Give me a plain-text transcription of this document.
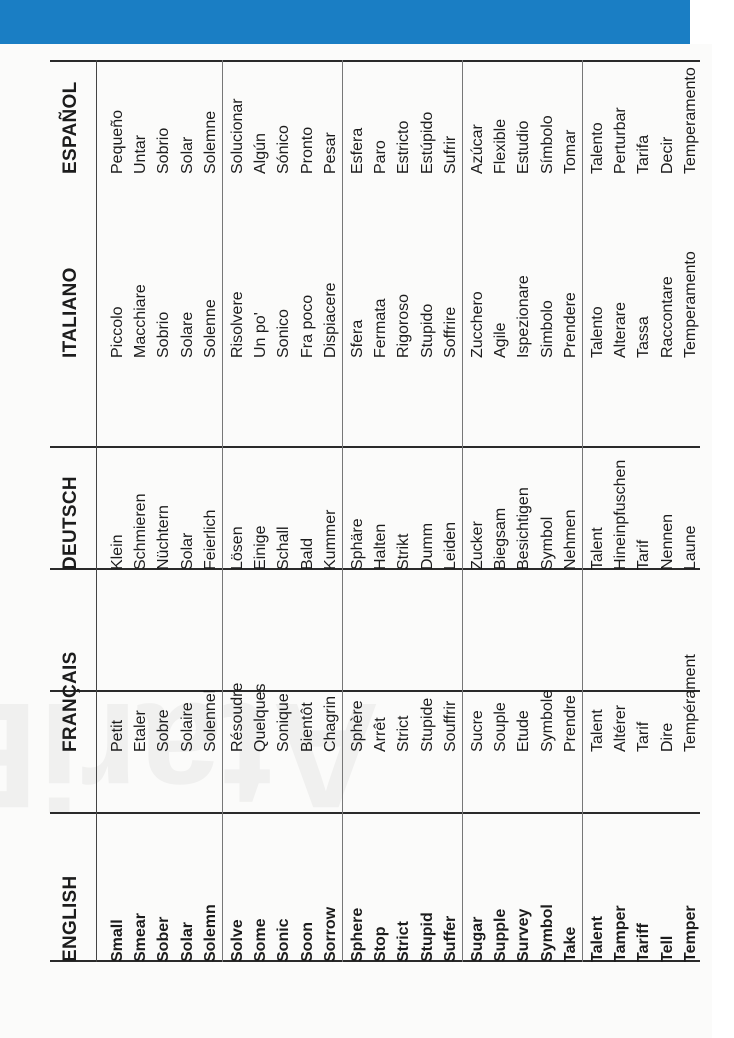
ENGLISH
FRANÇAIS
DEUTSCH
ITALIANO
ESPAÑOL
Small
Petit
Klein
Piccolo
Pequeño
Smear
Etaler
Schmieren
Macchiare
Untar
Sober
Sobre
Nüchtern
Sobrio
Sobrio
Solar
Solaire
Solar
Solare
Solar
Solemn
Solennel
Feierlich
Solenne
Solemne
Solve
Résoudre
Lösen
Risolvere
Solucionar
Some
Quelques
Einige
Un po'
Algún
Sonic
Sonique
Schall
Sonico
Sónico
Soon
Bientôt
Bald
Fra poco
Pronto
Sorrow
Chagrin
Kummer
Dispiacere
Pesar
Sphere
Sphère
Sphäre
Sfera
Esfera
Stop
Arrêt
Halten
Fermata
Paro
Strict
Strict
Strikt
Rigoroso
Estricto
Stupid
Stupide
Dumm
Stupido
Estúpido
Suffer
Souffrir
Leiden
Soffrire
Sufrir
Sugar
Sucre
Zucker
Zucchero
Azúcar
Supple
Souple
Biegsam
Agile
Flexible
Survey
Etude
Besichtigen
Ispezionare
Estudio
Symbol
Symbole
Symbol
Simbolo
Símbolo
Take
Prendre
Nehmen
Prendere
Tomar
Talent
Talent
Talent
Talento
Talento
Tamper
Altérer
Hineinpfuschen
Alterare
Perturbar
Tariff
Tarif
Tarif
Tassa
Tarifa
Tell
Dire
Nennen
Raccontare
Decir
Temper
Tempérament
Laune
Temperamento
Temperamento
